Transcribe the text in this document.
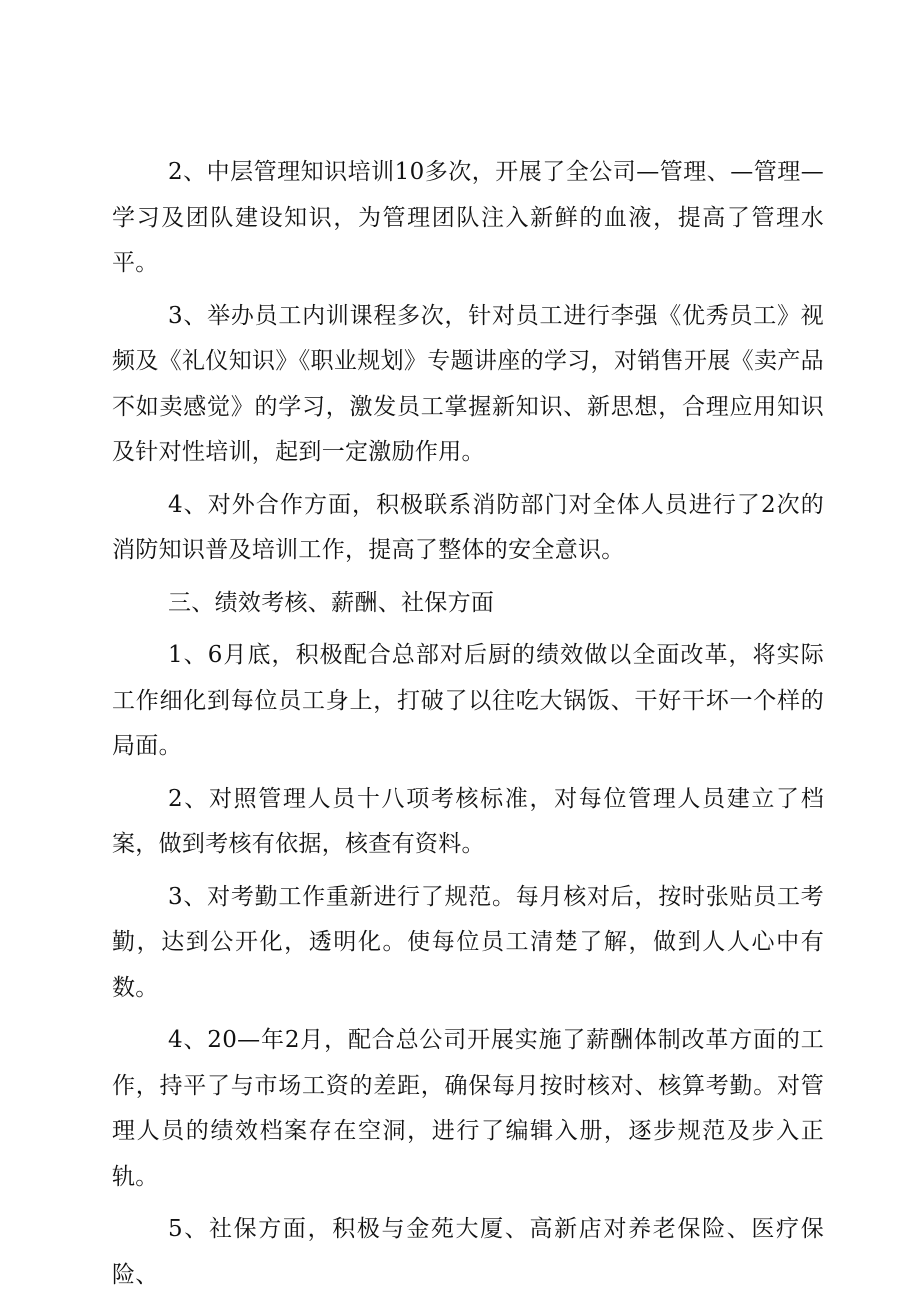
2、中层管理知识培训10多次，开展了全公司—管理、—管理—学习及团队建设知识，为管理团队注入新鲜的血液，提高了管理水平。

3、举办员工内训课程多次，针对员工进行李强《优秀员工》视频及《礼仪知识》《职业规划》专题讲座的学习，对销售开展《卖产品不如卖感觉》的学习，激发员工掌握新知识、新思想，合理应用知识及针对性培训，起到一定激励作用。

4、对外合作方面，积极联系消防部门对全体人员进行了2次的消防知识普及培训工作，提高了整体的安全意识。

三、绩效考核、薪酬、社保方面

1、6月底，积极配合总部对后厨的绩效做以全面改革，将实际工作细化到每位员工身上，打破了以往吃大锅饭、干好干坏一个样的局面。

2、对照管理人员十八项考核标准，对每位管理人员建立了档案，做到考核有依据，核查有资料。

3、对考勤工作重新进行了规范。每月核对后，按时张贴员工考勤，达到公开化，透明化。使每位员工清楚了解，做到人人心中有数。

4、20—年2月，配合总公司开展实施了薪酬体制改革方面的工作，持平了与市场工资的差距，确保每月按时核对、核算考勤。对管理人员的绩效档案存在空洞，进行了编辑入册，逐步规范及步入正轨。

5、社保方面，积极与金苑大厦、高新店对养老保险、医疗保险、
